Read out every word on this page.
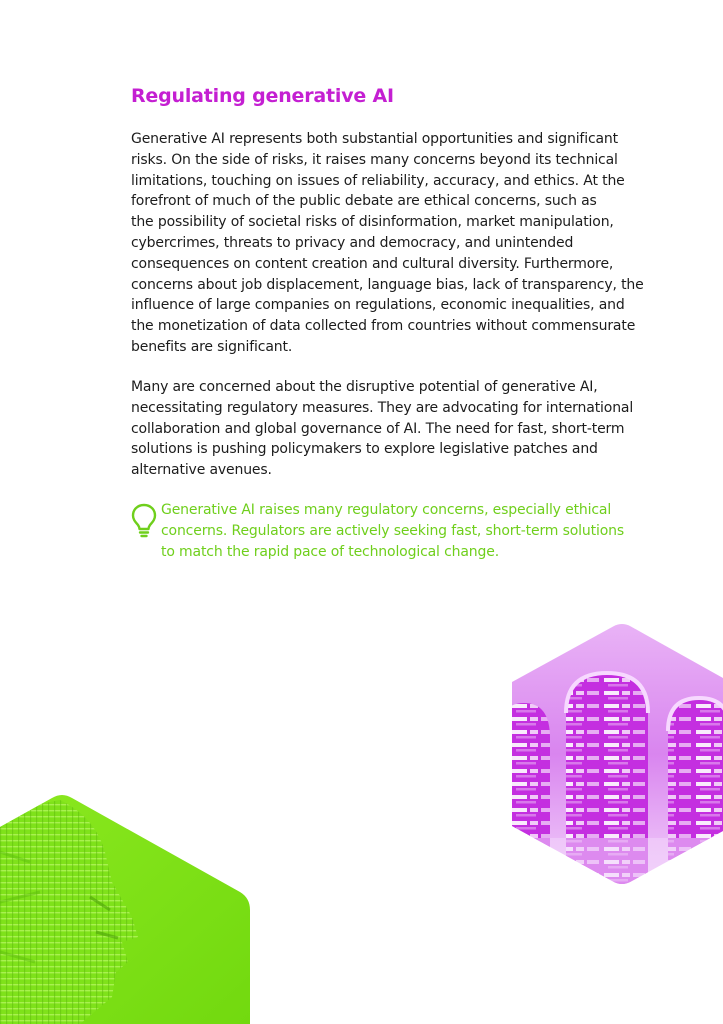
Regulating generative AI

Generative AI represents both substantial opportunities and significant
risks. On the side of risks, it raises many concerns beyond its technical
limitations, touching on issues of reliability, accuracy, and ethics. At the
forefront of much of the public debate are ethical concerns, such as
the possibility of societal risks of disinformation, market manipulation,
cybercrimes, threats to privacy and democracy, and unintended
consequences on content creation and cultural diversity. Furthermore,
concerns about job displacement, language bias, lack of transparency, the
influence of large companies on regulations, economic inequalities, and
the monetization of data collected from countries without commensurate
benefits are significant.

Many are concerned about the disruptive potential of generative AI,
necessitating regulatory measures. They are advocating for international
collaboration and global governance of AI. The need for fast, short-term
solutions is pushing policymakers to explore legislative patches and
alternative avenues.

Generative AI raises many regulatory concerns, especially ethical
concerns. Regulators are actively seeking fast, short-term solutions
to match the rapid pace of technological change.
